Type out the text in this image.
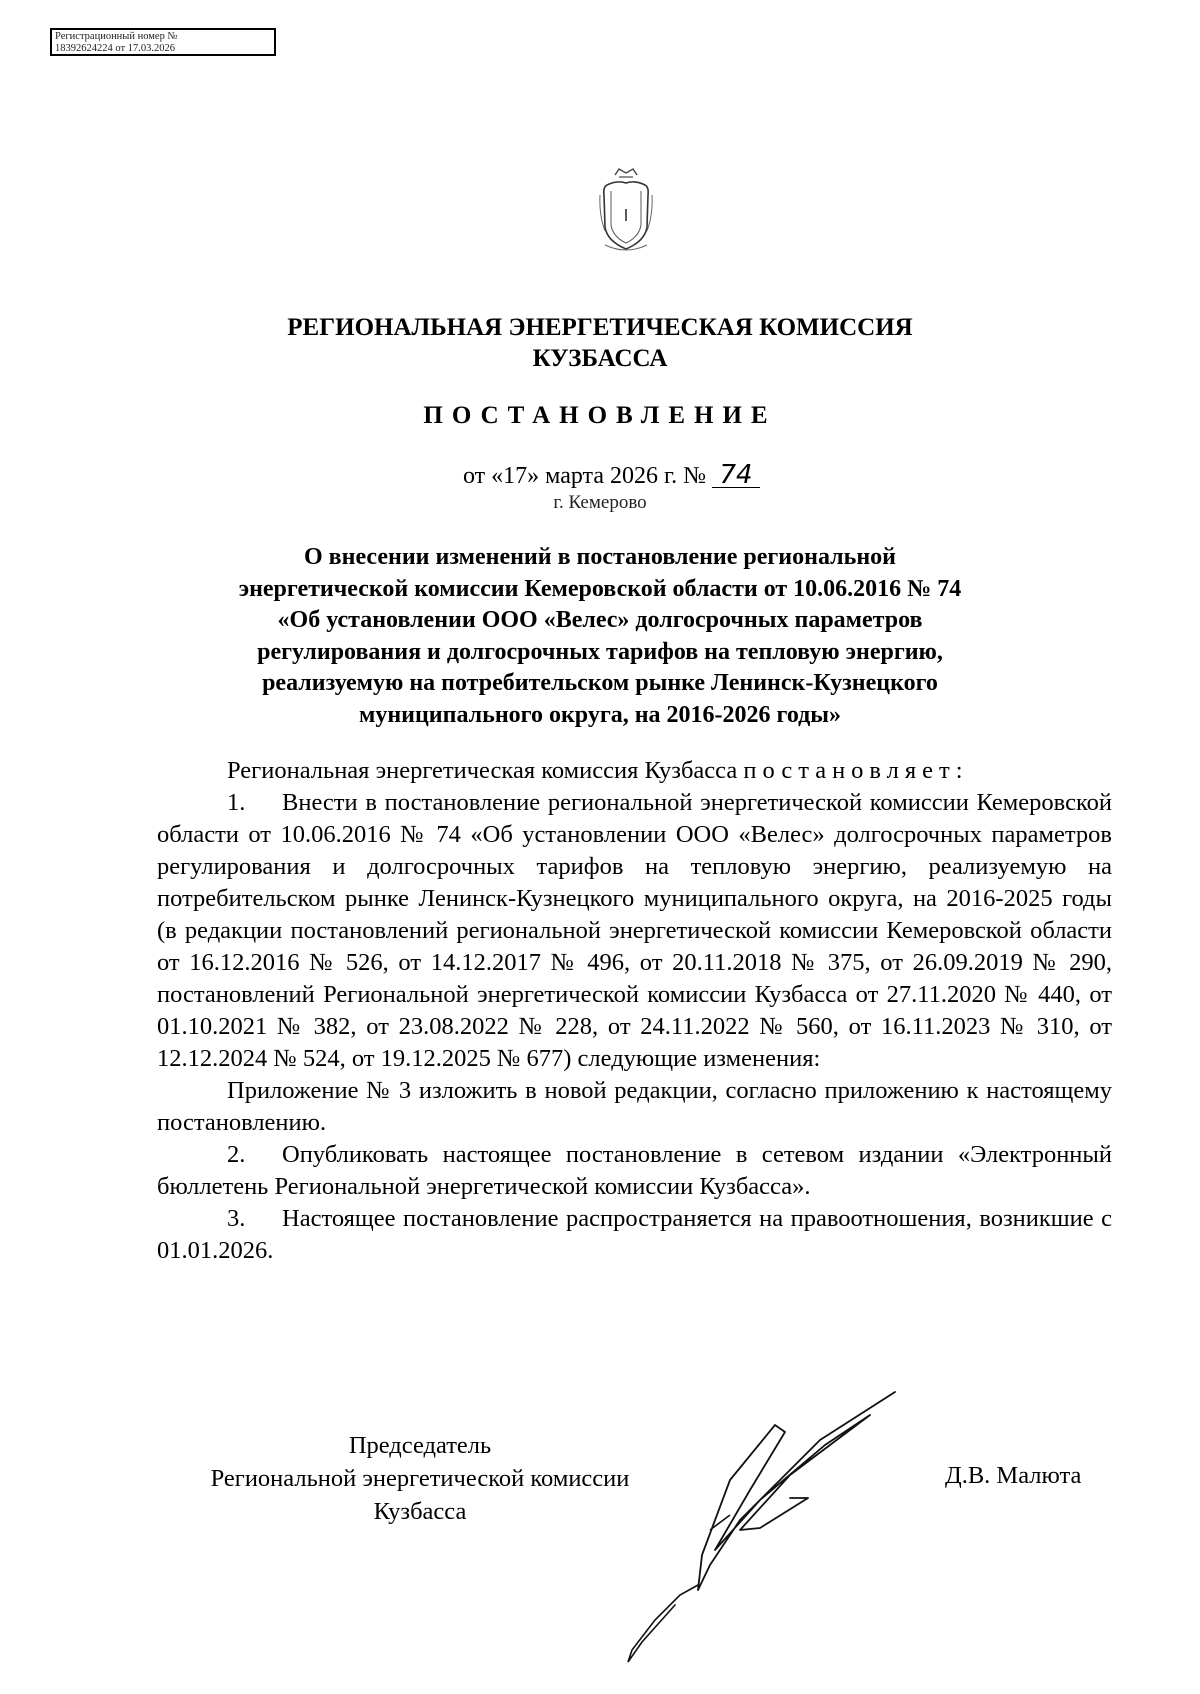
Регистрационный номер №
18392624224 от 17.03.2026
РЕГИОНАЛЬНАЯ ЭНЕРГЕТИЧЕСКАЯ КОМИССИЯ
КУЗБАССА
ПОСТАНОВЛЕНИЕ
от «17» марта 2026 г. № 74
г. Кемерово
О внесении изменений в постановление региональной
энергетической комиссии Кемеровской области от 10.06.2016 № 74
«Об установлении ООО «Велес» долгосрочных параметров
регулирования и долгосрочных тарифов на тепловую энергию,
реализуемую на потребительском рынке Ленинск-Кузнецкого
муниципального округа, на 2016-2026 годы»
Региональная энергетическая комиссия Кузбасса постановляет:
1. Внести в постановление региональной энергетической комиссии Кемеровской области от 10.06.2016 № 74 «Об установлении ООО «Велес» долгосрочных параметров регулирования и долгосрочных тарифов на тепловую энергию, реализуемую на потребительском рынке Ленинск-Кузнецкого муниципального округа, на 2016-2025 годы (в редакции постановлений региональной энергетической комиссии Кемеровской области от 16.12.2016 № 526, от 14.12.2017 № 496, от 20.11.2018 № 375, от 26.09.2019 № 290, постановлений Региональной энергетической комиссии Кузбасса от 27.11.2020 № 440, от 01.10.2021 № 382, от 23.08.2022 № 228, от 24.11.2022 № 560, от 16.11.2023 № 310, от 12.12.2024 № 524, от 19.12.2025 № 677) следующие изменения:
Приложение № 3 изложить в новой редакции, согласно приложению к настоящему постановлению.
2. Опубликовать настоящее постановление в сетевом издании «Электронный бюллетень Региональной энергетической комиссии Кузбасса».
3. Настоящее постановление распространяется на правоотношения, возникшие с 01.01.2026.
Председатель
Региональной энергетической комиссии
Кузбасса
Д.В. Малюта
